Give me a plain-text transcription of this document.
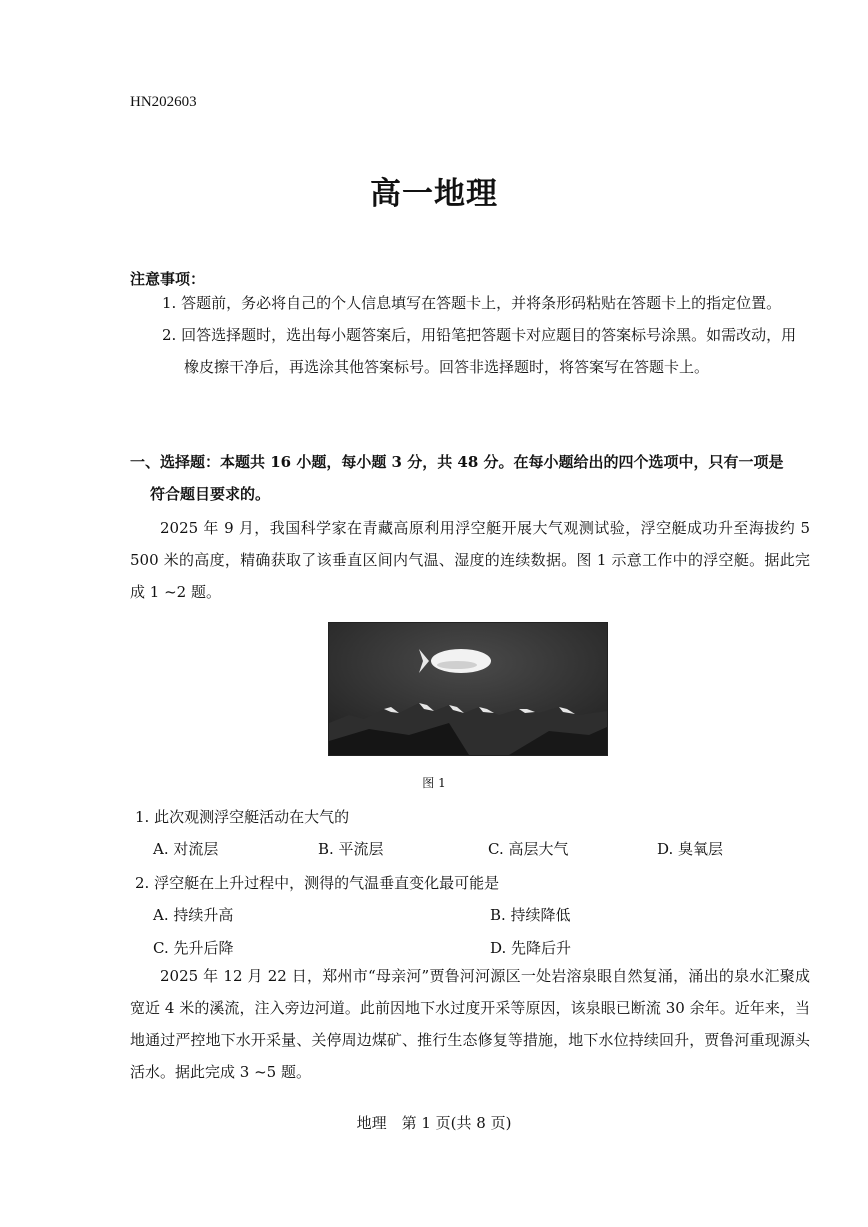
HN202603
高一地理
注意事项：

1. 答题前，务必将自己的个人信息填写在答题卡上，并将条形码粘贴在答题卡上的指定位置。

2. 回答选择题时，选出每小题答案后，用铅笔把答题卡对应题目的答案标号涂黑。如需改动，用橡皮擦干净后，再选涂其他答案标号。回答非选择题时，将答案写在答题卡上。

一、选择题：本题共 16 小题，每小题 3 分，共 48 分。在每小题给出的四个选项中，只有一项是

符合题目要求的。

2025 年 9 月，我国科学家在青藏高原利用浮空艇开展大气观测试验，浮空艇成功升至海拔约 5 500 米的高度，精确获取了该垂直区间内气温、湿度的连续数据。图 1 示意工作中的浮空艇。据此完成 1 ~2 题。

图 1
1. 此次观测浮空艇活动在大气的
A. 对流层	B. 平流层	C. 高层大气	D. 臭氧层
2. 浮空艇在上升过程中，测得的气温垂直变化最可能是
A. 持续升高	B. 持续降低
C. 先升后降	D. 先降后升

2025 年 12 月 22 日，郑州市“母亲河”贾鲁河河源区一处岩溶泉眼自然复涌，涌出的泉水汇聚成宽近 4 米的溪流，注入旁边河道。此前因地下水过度开采等原因，该泉眼已断流 30 余年。近年来，当地通过严控地下水开采量、关停周边煤矿、推行生态修复等措施，地下水位持续回升，贾鲁河重现源头活水。据此完成 3 ~5 题。

地理　第 1 页(共 8 页)
